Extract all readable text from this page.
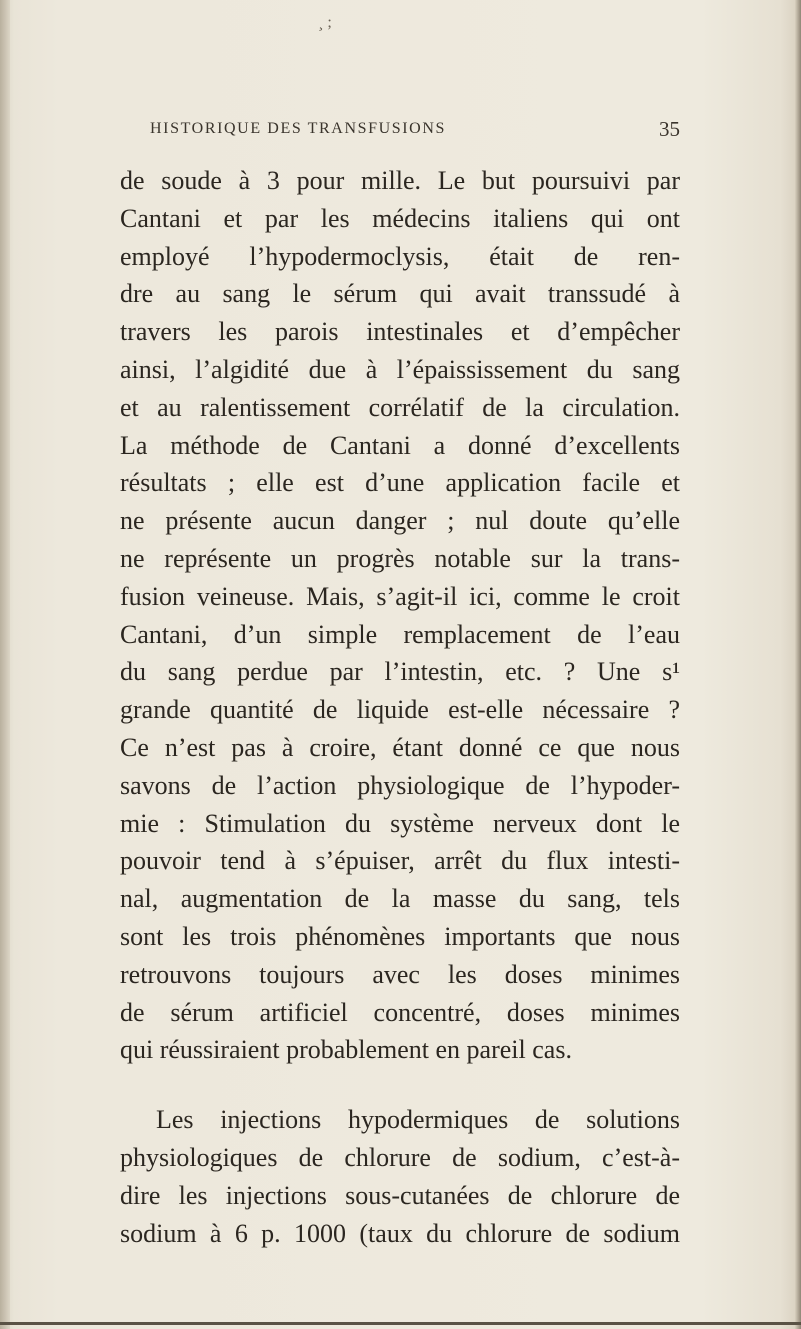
¸ ;
HISTORIQUE DES TRANSFUSIONS	35
de soude à 3 pour mille. Le but poursuivi par
Cantani et par les médecins italiens qui ont
employé l’hypodermoclysis, était de ren-
dre au sang le sérum qui avait transsudé à
travers les parois intestinales et d’empêcher
ainsi, l’algidité due à l’épaississement du sang
et au ralentissement corrélatif de la circulation.
La méthode de Cantani a donné d’excellents
résultats ; elle est d’une application facile et
ne présente aucun danger ; nul doute qu’elle
ne représente un progrès notable sur la trans-
fusion veineuse. Mais, s’agit-il ici, comme le croit
Cantani, d’un simple remplacement de l’eau
du sang perdue par l’intestin, etc. ? Une s¹
grande quantité de liquide est-elle nécessaire ?
Ce n’est pas à croire, étant donné ce que nous
savons de l’action physiologique de l’hypoder-
mie : Stimulation du système nerveux dont le
pouvoir tend à s’épuiser, arrêt du flux intesti-
nal, augmentation de la masse du sang, tels
sont les trois phénomènes importants que nous
retrouvons toujours avec les doses minimes
de sérum artificiel concentré, doses minimes
qui réussiraient probablement en pareil cas.
Les injections hypodermiques de solutions
physiologiques de chlorure de sodium, c’est-à-
dire les injections sous-cutanées de chlorure de
sodium à 6 p. 1000 (taux du chlorure de sodium
